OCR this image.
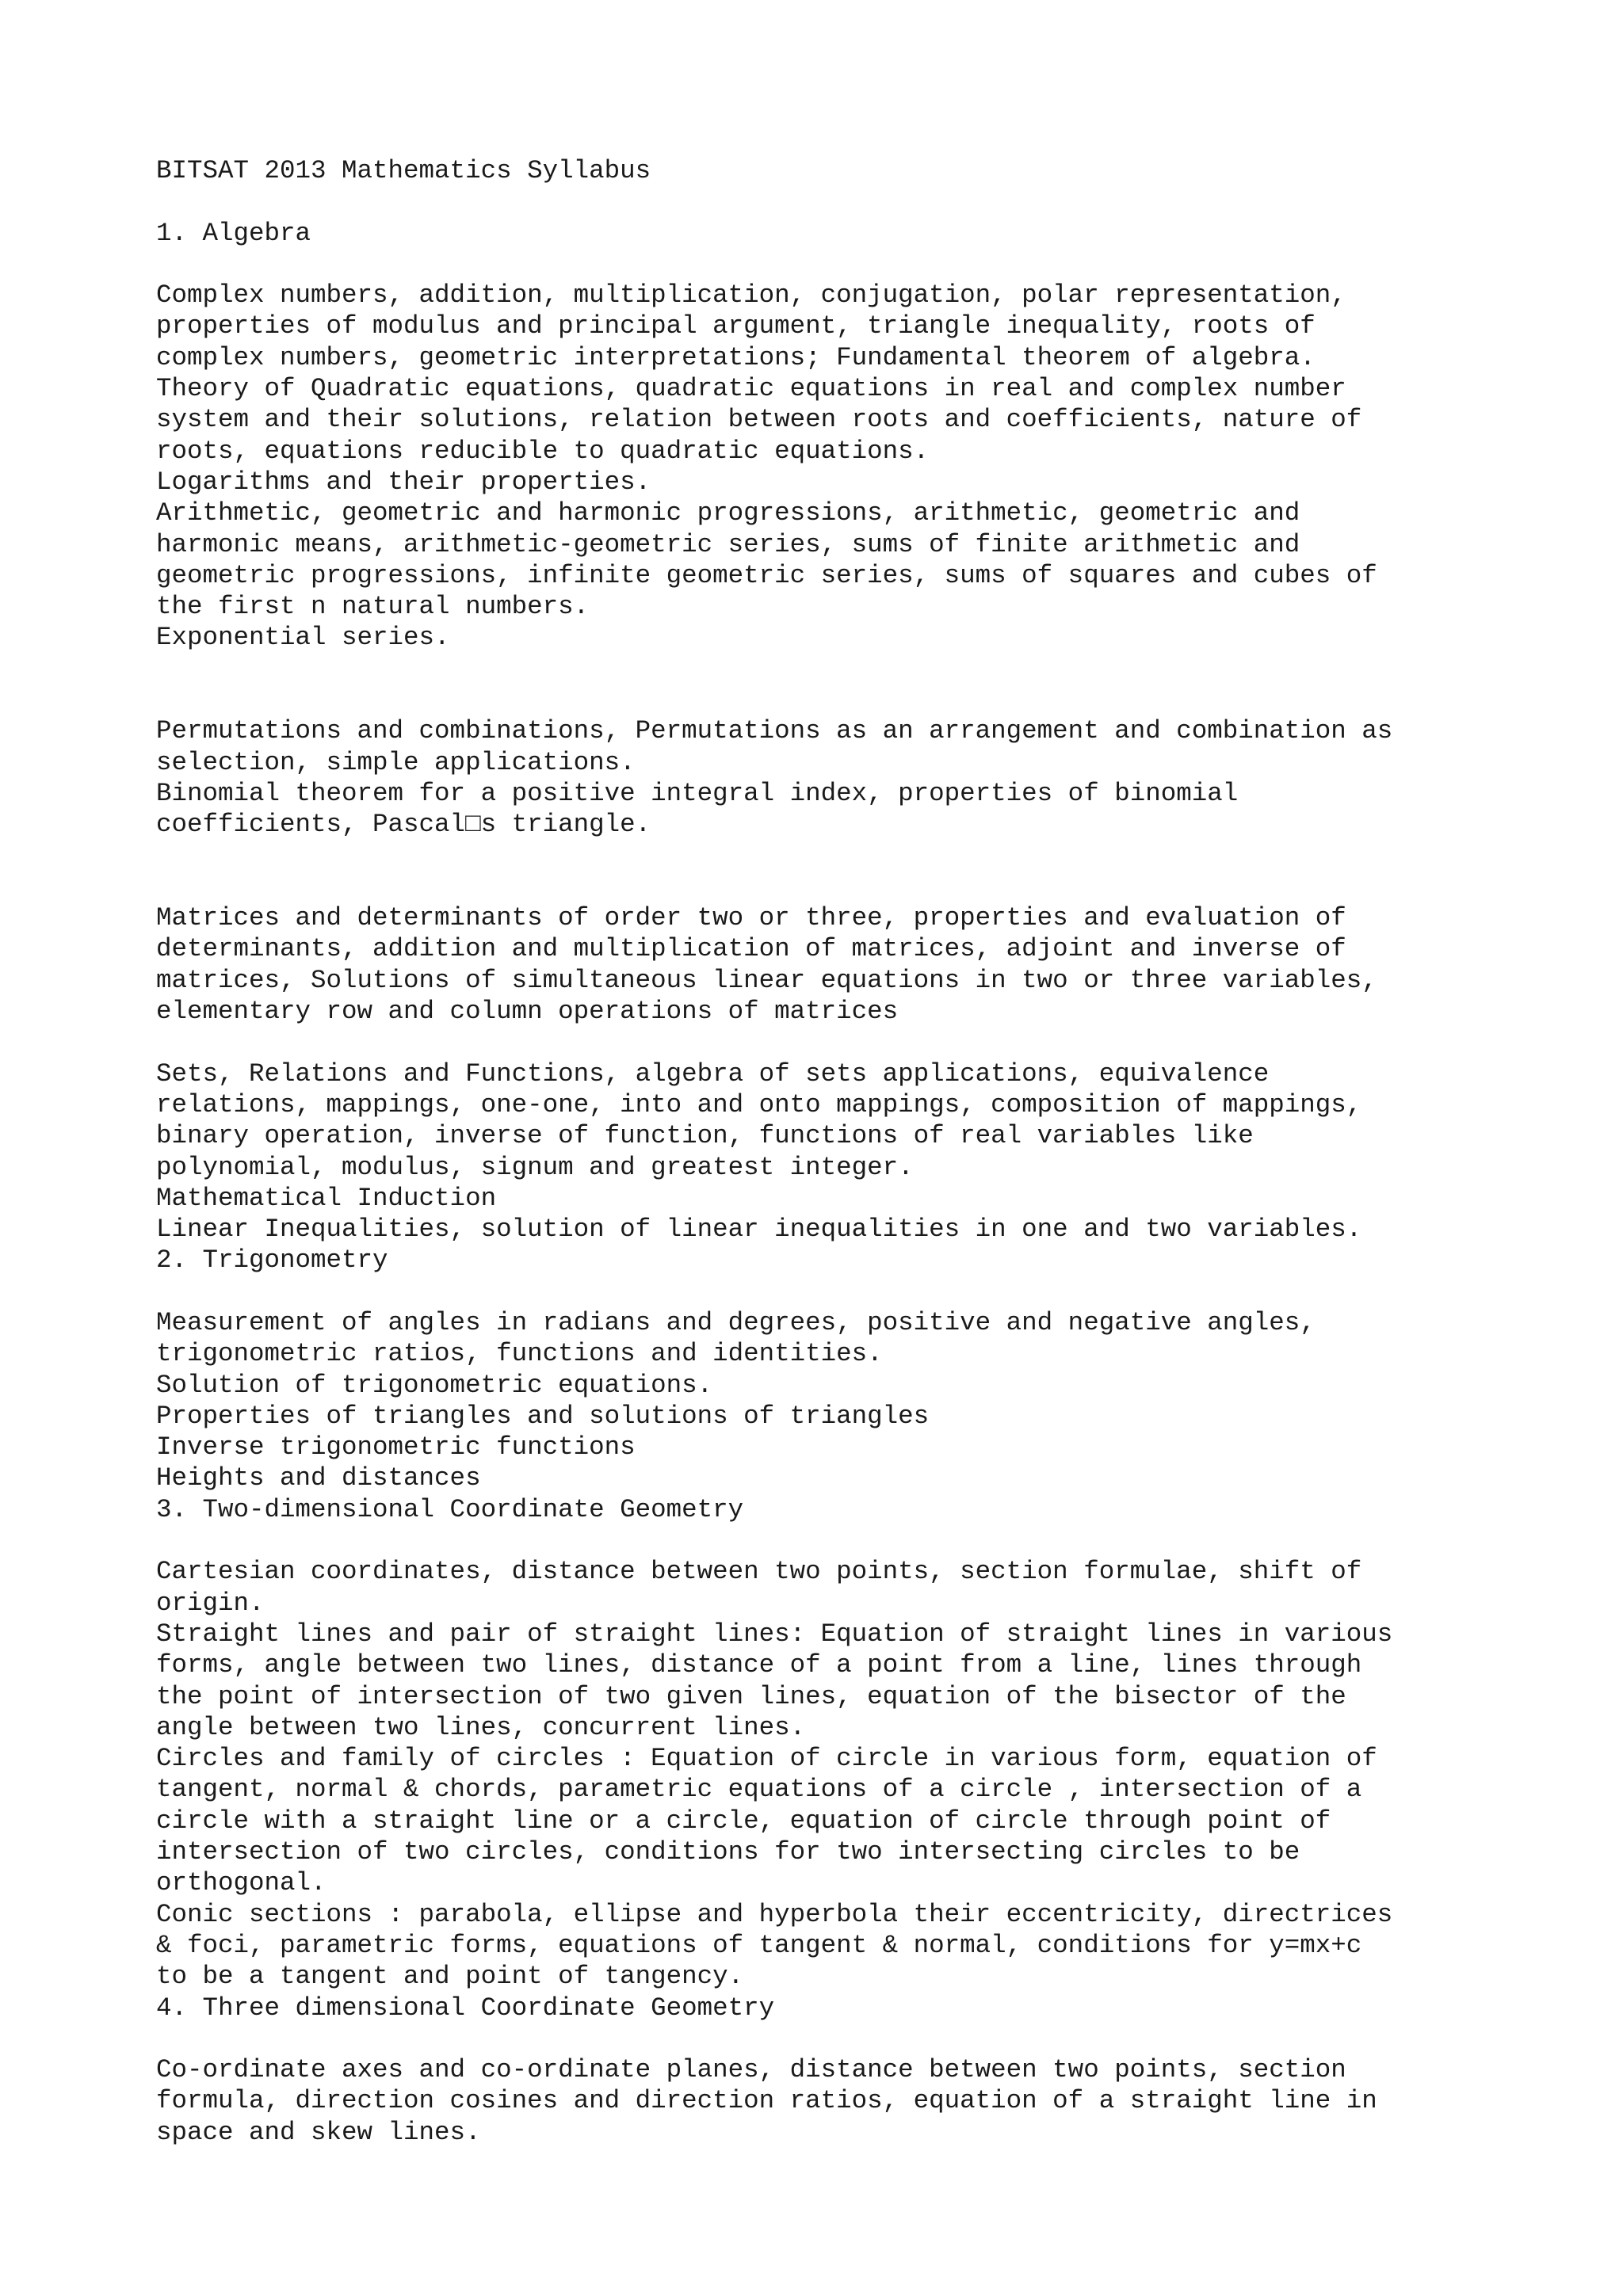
BITSAT 2013 Mathematics Syllabus
1. Algebra
Complex numbers, addition, multiplication, conjugation, polar representation,
properties of modulus and principal argument, triangle inequality, roots of
complex numbers, geometric interpretations; Fundamental theorem of algebra.
Theory of Quadratic equations, quadratic equations in real and complex number
system and their solutions, relation between roots and coefficients, nature of
roots, equations reducible to quadratic equations.
Logarithms and their properties.
Arithmetic, geometric and harmonic progressions, arithmetic, geometric and
harmonic means, arithmetic-geometric series, sums of finite arithmetic and
geometric progressions, infinite geometric series, sums of squares and cubes of
the first n natural numbers.
Exponential series.
Permutations and combinations, Permutations as an arrangement and combination as
selection, simple applications.
Binomial theorem for a positive integral index, properties of binomial
coefficients, Pascal□s triangle.
Matrices and determinants of order two or three, properties and evaluation of
determinants, addition and multiplication of matrices, adjoint and inverse of
matrices, Solutions of simultaneous linear equations in two or three variables,
elementary row and column operations of matrices
Sets, Relations and Functions, algebra of sets applications, equivalence
relations, mappings, one-one, into and onto mappings, composition of mappings,
binary operation, inverse of function, functions of real variables like
polynomial, modulus, signum and greatest integer.
Mathematical Induction
Linear Inequalities, solution of linear inequalities in one and two variables.
2. Trigonometry
Measurement of angles in radians and degrees, positive and negative angles,
trigonometric ratios, functions and identities.
Solution of trigonometric equations.
Properties of triangles and solutions of triangles
Inverse trigonometric functions
Heights and distances
3. Two-dimensional Coordinate Geometry
Cartesian coordinates, distance between two points, section formulae, shift of
origin.
Straight lines and pair of straight lines: Equation of straight lines in various
forms, angle between two lines, distance of a point from a line, lines through
the point of intersection of two given lines, equation of the bisector of the
angle between two lines, concurrent lines.
Circles and family of circles : Equation of circle in various form, equation of
tangent, normal & chords, parametric equations of a circle , intersection of a
circle with a straight line or a circle, equation of circle through point of
intersection of two circles, conditions for two intersecting circles to be
orthogonal.
Conic sections : parabola, ellipse and hyperbola their eccentricity, directrices
& foci, parametric forms, equations of tangent & normal, conditions for y=mx+c
to be a tangent and point of tangency.
4. Three dimensional Coordinate Geometry
Co-ordinate axes and co-ordinate planes, distance between two points, section
formula, direction cosines and direction ratios, equation of a straight line in
space and skew lines.
